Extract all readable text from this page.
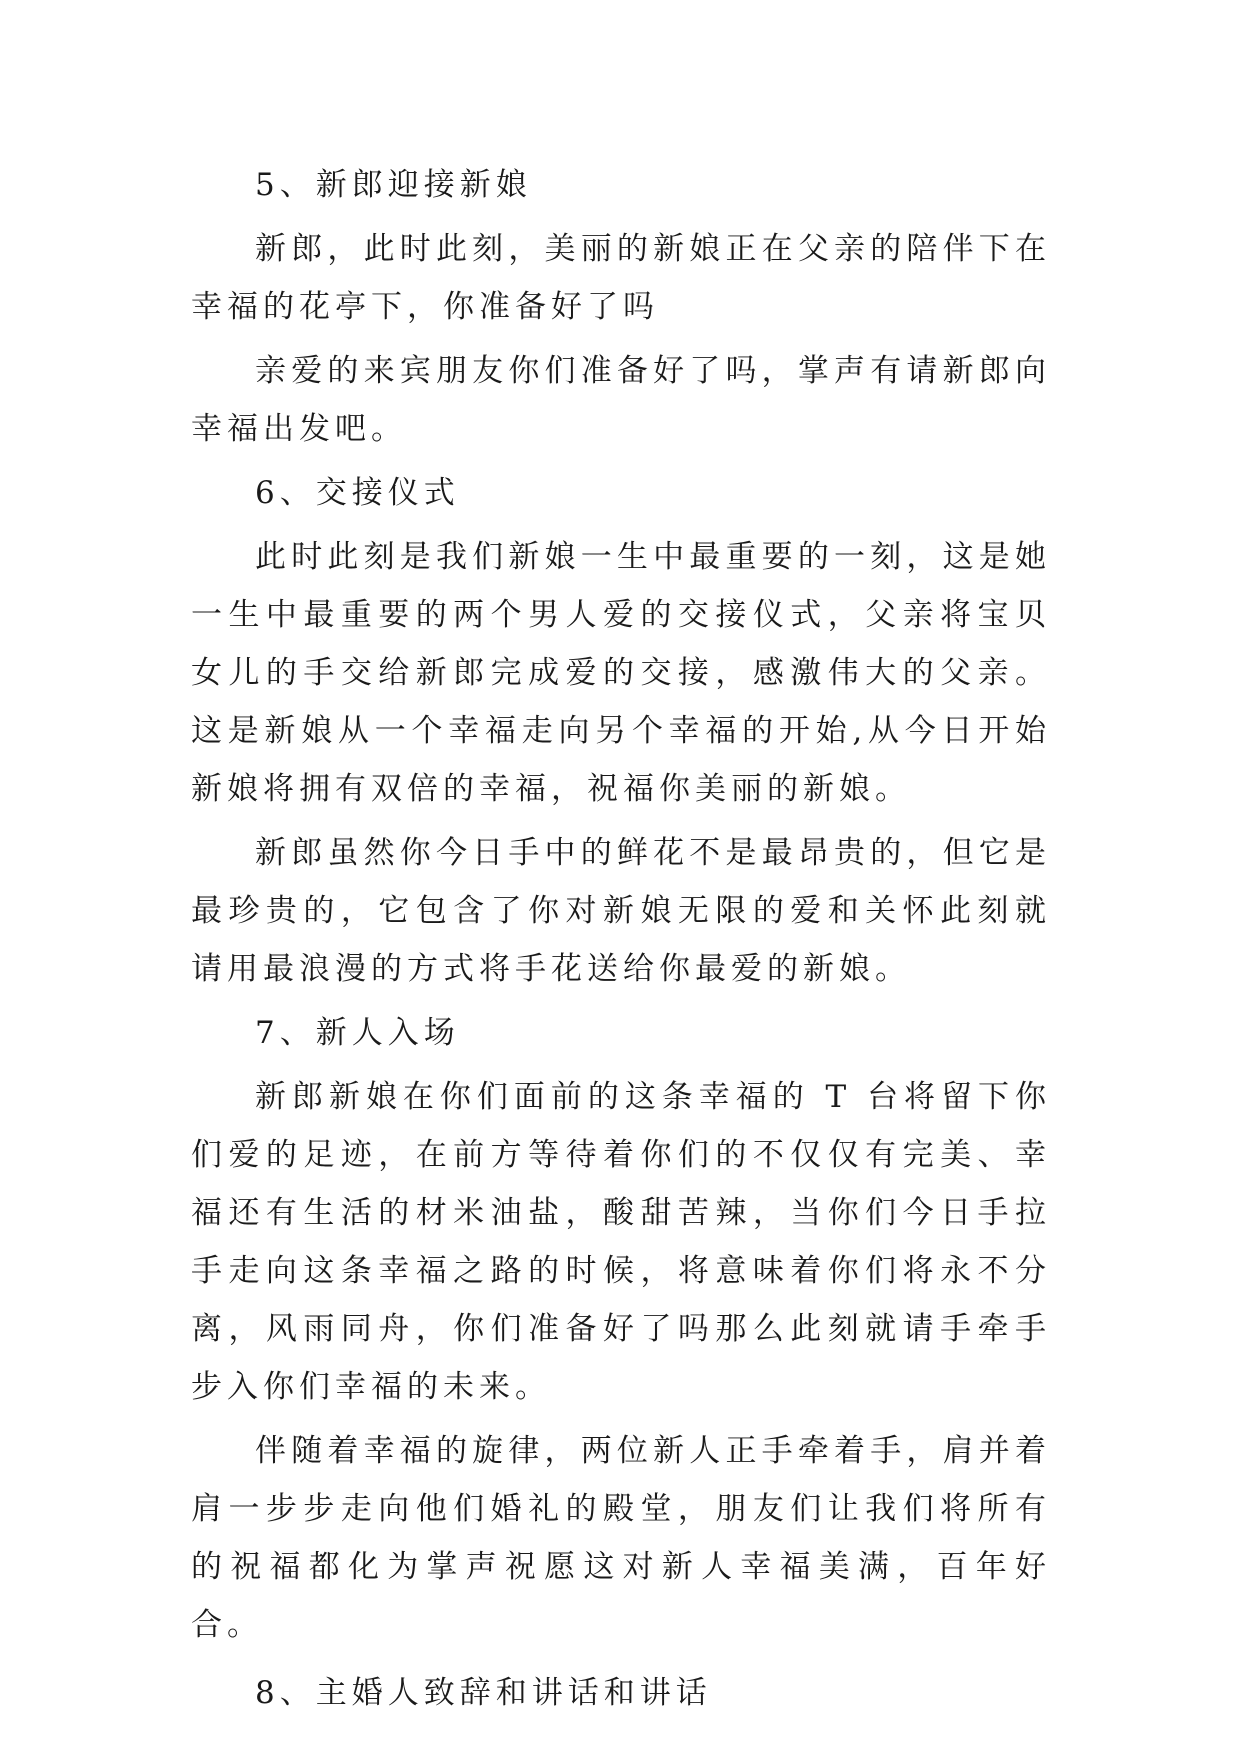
5、新郎迎接新娘

新郎，此时此刻，美丽的新娘正在父亲的陪伴下在幸福的花亭下，你准备好了吗

亲爱的来宾朋友你们准备好了吗，掌声有请新郎向幸福出发吧。

6、交接仪式

此时此刻是我们新娘一生中最重要的一刻，这是她一生中最重要的两个男人爱的交接仪式，父亲将宝贝女儿的手交给新郎完成爱的交接，感激伟大的父亲。这是新娘从一个幸福走向另个幸福的开始,从今日开始新娘将拥有双倍的幸福，祝福你美丽的新娘。

新郎虽然你今日手中的鲜花不是最昂贵的，但它是最珍贵的，它包含了你对新娘无限的爱和关怀此刻就请用最浪漫的方式将手花送给你最爱的新娘。

7、新人入场

新郎新娘在你们面前的这条幸福的 T 台将留下你们爱的足迹，在前方等待着你们的不仅仅有完美、幸福还有生活的材米油盐，酸甜苦辣，当你们今日手拉手走向这条幸福之路的时候，将意味着你们将永不分离，风雨同舟，你们准备好了吗那么此刻就请手牵手步入你们幸福的未来。

伴随着幸福的旋律，两位新人正手牵着手，肩并着肩一步步走向他们婚礼的殿堂，朋友们让我们将所有的祝福都化为掌声祝愿这对新人幸福美满，百年好合。

8、主婚人致辞和讲话和讲话
